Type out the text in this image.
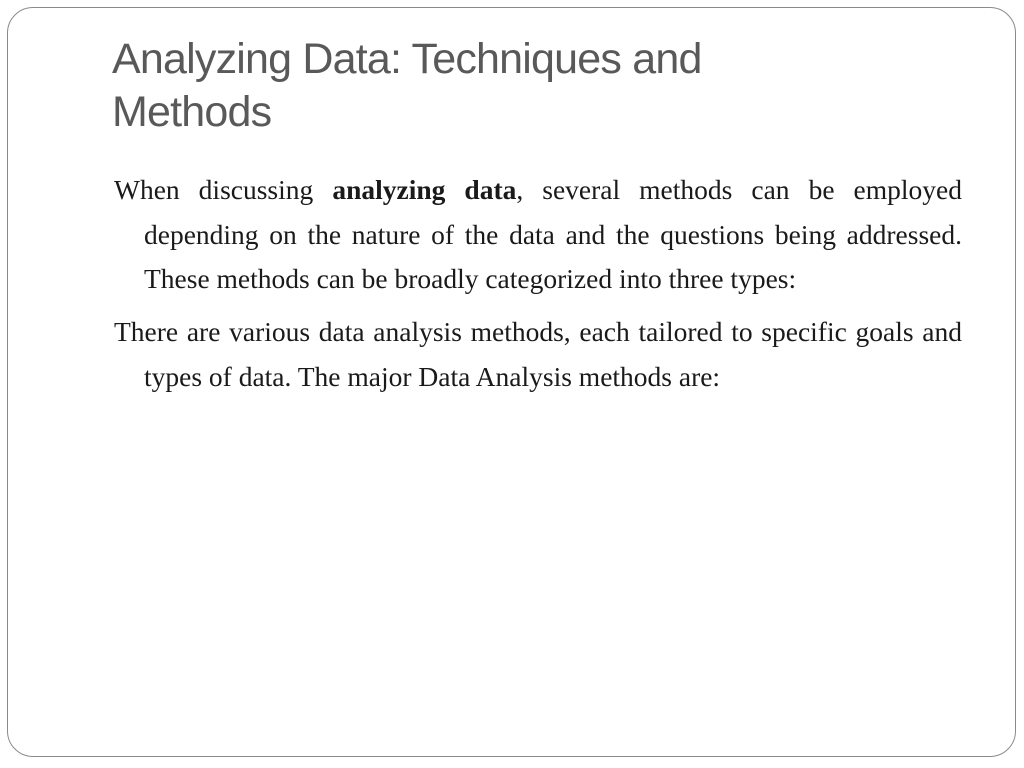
Analyzing Data: Techniques and Methods

When discussing analyzing data, several methods can be employed depending on the nature of the data and the questions being addressed. These methods can be broadly categorized into three types:

There are various data analysis methods, each tailored to specific goals and types of data. The major Data Analysis methods are:
